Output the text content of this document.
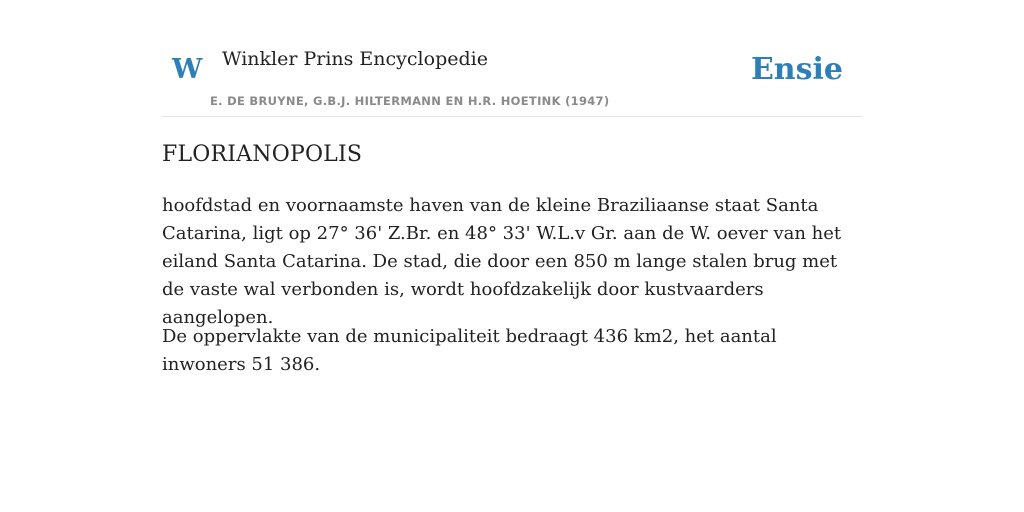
W Winkler Prins Encyclopedie
E. DE BRUYNE, G.B.J. HILTERMANN EN H.R. HOETINK (1947)
Ensie
FLORIANOPOLIS

hoofdstad en voornaamste haven van de kleine Braziliaanse staat Santa Catarina, ligt op 27° 36' Z.Br. en 48° 33' W.L.v Gr. aan de W. oever van het eiland Santa Catarina. De stad, die door een 850 m lange stalen brug met de vaste wal verbonden is, wordt hoofdzakelijk door kustvaarders aangelopen.

De oppervlakte van de municipaliteit bedraagt 436 km2, het aantal inwoners 51 386.
